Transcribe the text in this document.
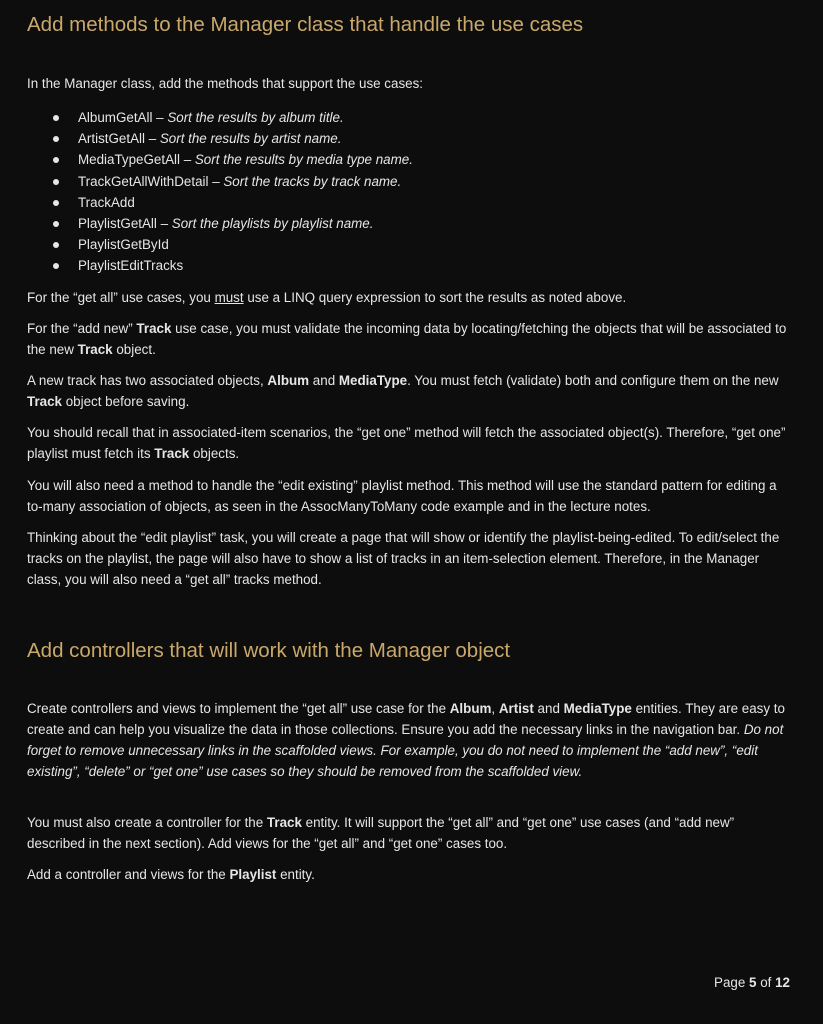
Add methods to the Manager class that handle the use cases

In the Manager class, add the methods that support the use cases:

AlbumGetAll – Sort the results by album title.
ArtistGetAll – Sort the results by artist name.
MediaTypeGetAll – Sort the results by media type name.
TrackGetAllWithDetail – Sort the tracks by track name.
TrackAdd
PlaylistGetAll – Sort the playlists by playlist name.
PlaylistGetById
PlaylistEditTracks

For the “get all” use cases, you must use a LINQ query expression to sort the results as noted above.

For the “add new” Track use case, you must validate the incoming data by locating/fetching the objects that will be associated to the new Track object.

A new track has two associated objects, Album and MediaType. You must fetch (validate) both and configure them on the new Track object before saving.

You should recall that in associated-item scenarios, the “get one” method will fetch the associated object(s). Therefore, “get one” playlist must fetch its Track objects.

You will also need a method to handle the “edit existing” playlist method. This method will use the standard pattern for editing a to-many association of objects, as seen in the AssocManyToMany code example and in the lecture notes.

Thinking about the “edit playlist” task, you will create a page that will show or identify the playlist-being-edited. To edit/select the tracks on the playlist, the page will also have to show a list of tracks in an item-selection element. Therefore, in the Manager class, you will also need a “get all” tracks method.

Add controllers that will work with the Manager object

Create controllers and views to implement the “get all” use case for the Album, Artist and MediaType entities. They are easy to create and can help you visualize the data in those collections. Ensure you add the necessary links in the navigation bar. Do not forget to remove unnecessary links in the scaffolded views. For example, you do not need to implement the “add new”, “edit existing”, “delete” or “get one” use cases so they should be removed from the scaffolded view.

You must also create a controller for the Track entity. It will support the “get all” and “get one” use cases (and “add new” described in the next section). Add views for the “get all” and “get one” cases too.

Add a controller and views for the Playlist entity.

Page 5 of 12
